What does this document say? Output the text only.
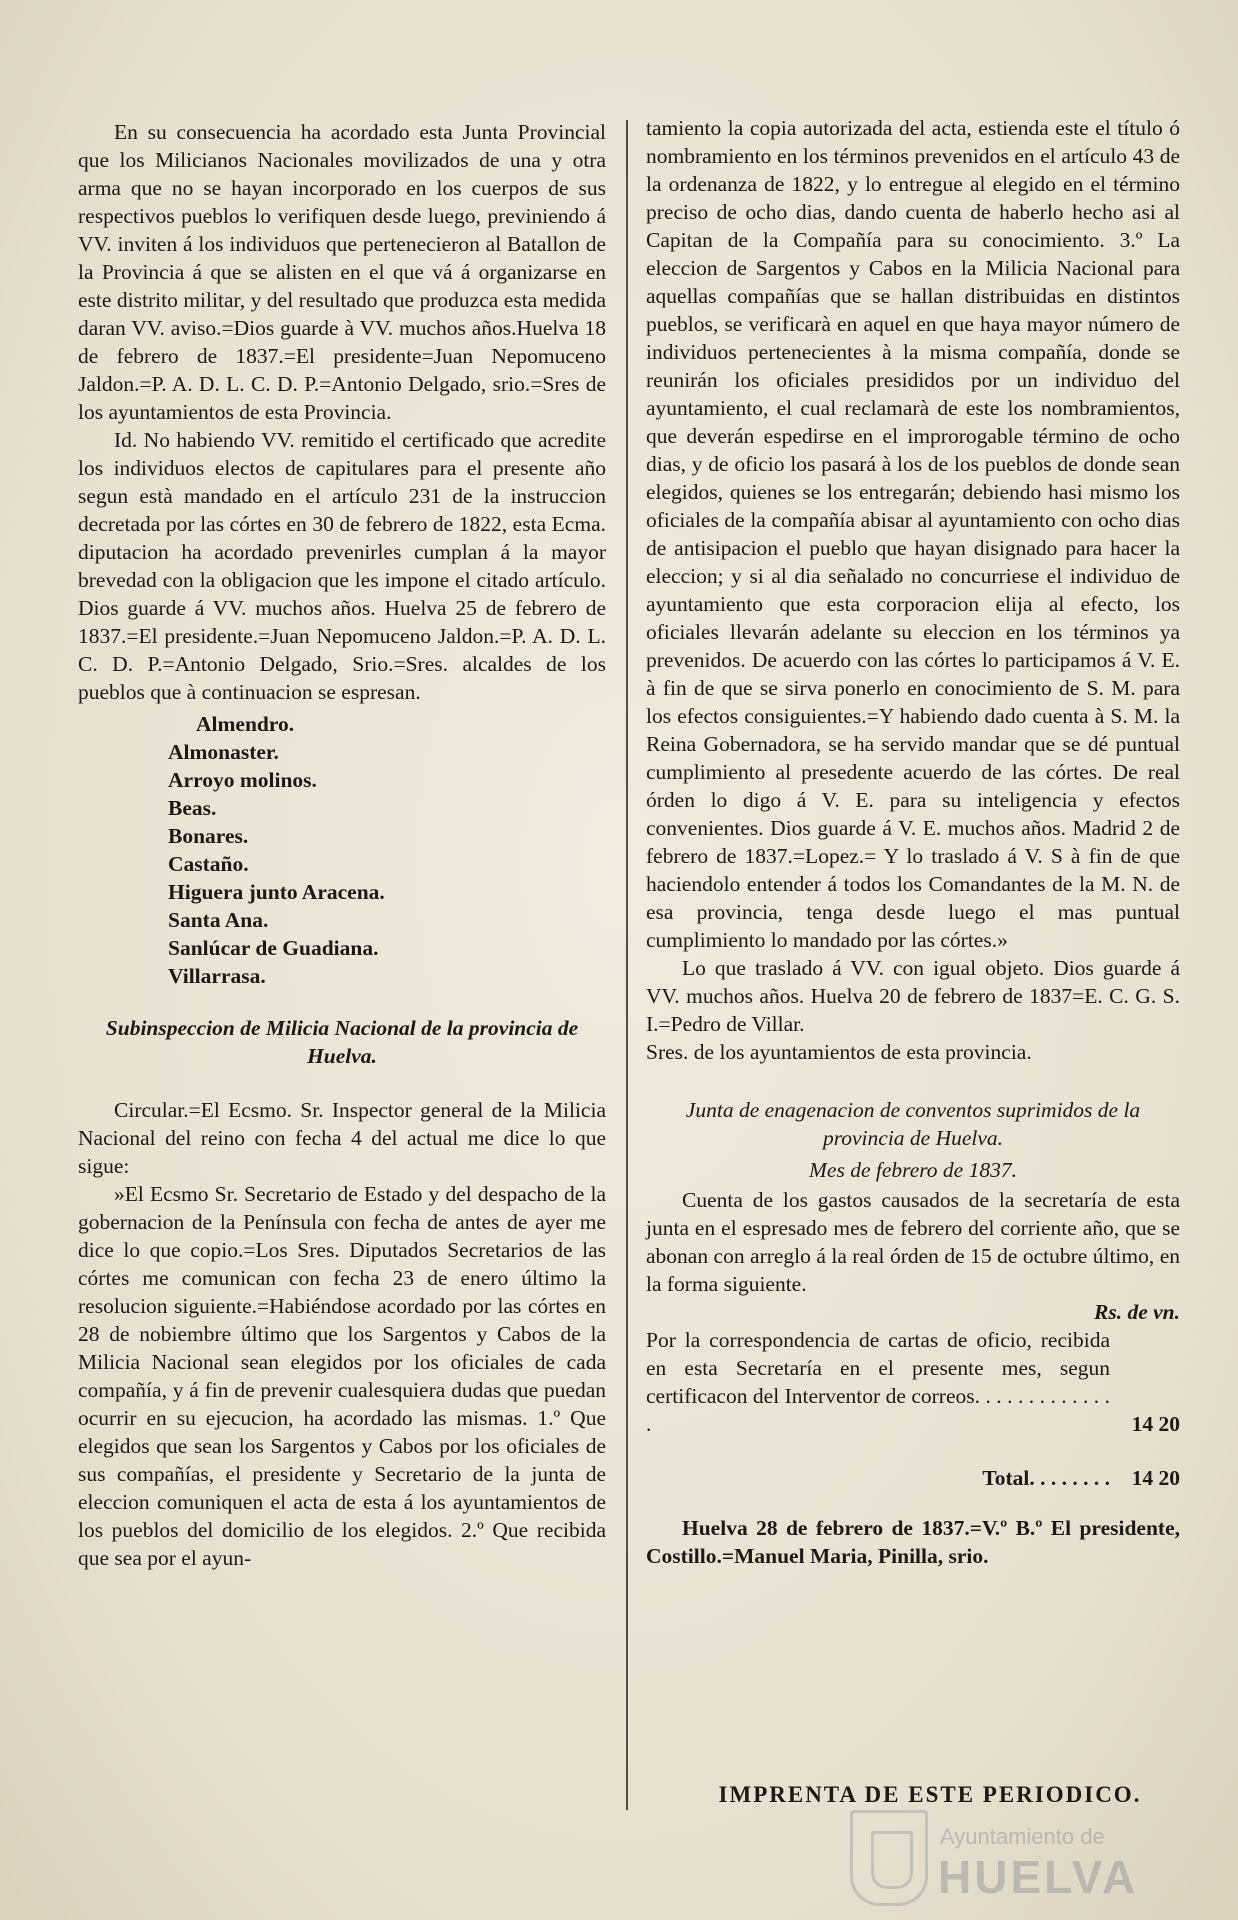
En su consecuencia ha acordado esta Junta Provincial que los Milicianos Nacionales movilizados de una y otra arma que no se hayan incorporado en los cuerpos de sus respectivos pueblos lo verifiquen desde luego, previniendo á VV. inviten á los individuos que pertenecieron al Batallon de la Provincia á que se alisten en el que vá á organizarse en este distrito militar, y del resultado que produzca esta medida daran VV. aviso.=Dios guarde à VV. muchos años.Huelva 18 de febrero de 1837.=El presidente=Juan Nepomuceno Jaldon.=P. A. D. L. C. D. P.=Antonio Delgado, srio.=Sres de los ayuntamientos de esta Provincia.

Id. No habiendo VV. remitido el certificado que acredite los individuos electos de capitulares para el presente año segun està mandado en el artículo 231 de la instruccion decretada por las córtes en 30 de febrero de 1822, esta Ecma. diputacion ha acordado prevenirles cumplan á la mayor brevedad con la obligacion que les impone el citado artículo. Dios guarde á VV. muchos años. Huelva 25 de febrero de 1837.=El presidente.=Juan Nepomuceno Jaldon.=P. A. D. L. C. D. P.=Antonio Delgado, Srio.=Sres. alcaldes de los pueblos que à continuacion se espresan.

Almendro.
Almonaster.
Arroyo molinos.
Beas.
Bonares.
Castaño.
Higuera junto Aracena.
Santa Ana.
Sanlúcar de Guadiana.
Villarrasa.

Subinspeccion de Milicia Nacional de la provincia de Huelva.

Circular.=El Ecsmo. Sr. Inspector general de la Milicia Nacional del reino con fecha 4 del actual me dice lo que sigue:

»El Ecsmo Sr. Secretario de Estado y del despacho de la gobernacion de la Península con fecha de antes de ayer me dice lo que copio.=Los Sres. Diputados Secretarios de las córtes me comunican con fecha 23 de enero último la resolucion siguiente.=Habiéndose acordado por las córtes en 28 de nobiembre último que los Sargentos y Cabos de la Milicia Nacional sean elegidos por los oficiales de cada compañía, y á fin de prevenir cualesquiera dudas que puedan ocurrir en su ejecucion, ha acordado las mismas. 1.º Que elegidos que sean los Sargentos y Cabos por los oficiales de sus compañías, el presidente y Secretario de la junta de eleccion comuniquen el acta de esta á los ayuntamientos de los pueblos del domicilio de los elegidos. 2.º Que recibida que sea por el ayun-

tamiento la copia autorizada del acta, estienda este el título ó nombramiento en los términos prevenidos en el artículo 43 de la ordenanza de 1822, y lo entregue al elegido en el término preciso de ocho dias, dando cuenta de haberlo hecho asi al Capitan de la Compañía para su conocimiento. 3.º La eleccion de Sargentos y Cabos en la Milicia Nacional para aquellas compañías que se hallan distribuidas en distintos pueblos, se verificarà en aquel en que haya mayor número de individuos pertenecientes à la misma compañía, donde se reunirán los oficiales presididos por un individuo del ayuntamiento, el cual reclamarà de este los nombramientos, que deverán espedirse en el improrogable término de ocho dias, y de oficio los pasará à los de los pueblos de donde sean elegidos, quienes se los entregarán; debiendo hasi mismo los oficiales de la compañía abisar al ayuntamiento con ocho dias de antisipacion el pueblo que hayan disignado para hacer la eleccion; y si al dia señalado no concurriese el individuo de ayuntamiento que esta corporacion elija al efecto, los oficiales llevarán adelante su eleccion en los términos ya prevenidos. De acuerdo con las córtes lo participamos á V. E. à fin de que se sirva ponerlo en conocimiento de S. M. para los efectos consiguientes.=Y habiendo dado cuenta à S. M. la Reina Gobernadora, se ha servido mandar que se dé puntual cumplimiento al presedente acuerdo de las córtes. De real órden lo digo á V. E. para su inteligencia y efectos convenientes. Dios guarde á V. E. muchos años. Madrid 2 de febrero de 1837.=Lopez.= Y lo traslado á V. S à fin de que haciendolo entender á todos los Comandantes de la M. N. de esa provincia, tenga desde luego el mas puntual cumplimiento lo mandado por las córtes.»

Lo que traslado á VV. con igual objeto. Dios guarde á VV. muchos años. Huelva 20 de febrero de 1837=E. C. G. S. I.=Pedro de Villar.

Sres. de los ayuntamientos de esta provincia.

Junta de enagenacion de conventos suprimidos de la provincia de Huelva.

Mes de febrero de 1837.

Cuenta de los gastos causados de la secretaría de esta junta en el espresado mes de febrero del corriente año, que se abonan con arreglo á la real órden de 15 de octubre último, en la forma siguiente.

Rs. de vn.

Por la correspondencia de cartas de oficio, recibida en esta Secretaría en el presente mes, segun certificacon del Interventor de correos. . . . . . . . . . . . . .	14 20

Total. . . . . . . .	14 20

Huelva 28 de febrero de 1837.=V.º B.º El presidente, Costillo.=Manuel Maria, Pinilla, srio.

IMPRENTA DE ESTE PERIODICO.
Ayuntamiento de
HUELVA
